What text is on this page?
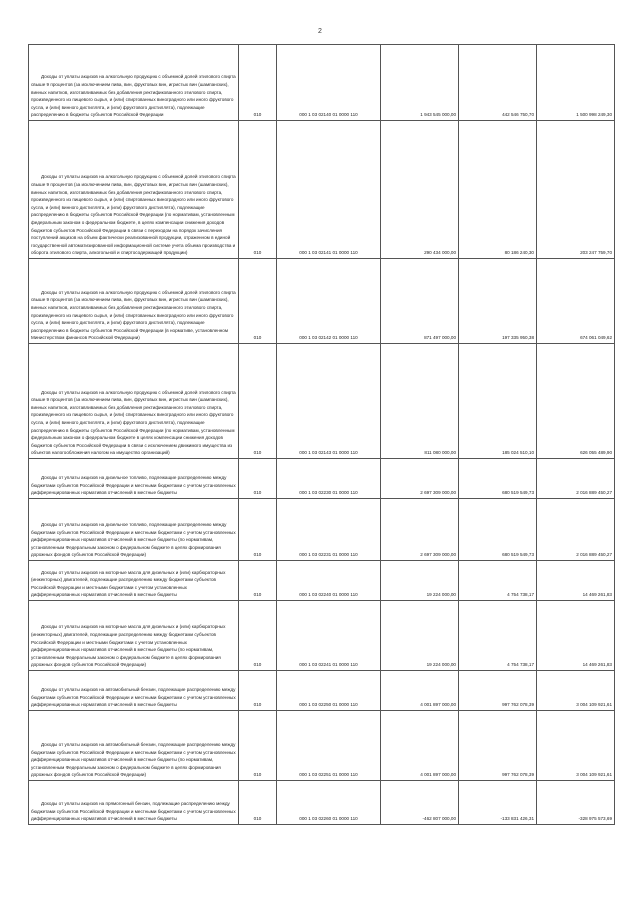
2
Доходы от уплаты акцизов на алкогольную продукцию с объемной долей этилового спирта свыше 9 процентов (за исключением пива, вин, фруктовых вин, игристых вин (шампанских), винных напитков, изготавливаемых без добавления ректификованного этилового спирта, произведенного из пищевого сырья, и (или) спиртованных виноградного или иного фруктового сусла, и (или) винного дистиллята, и (или) фруктового дистиллята), подлежащие распределению в бюджеты субъектов Российской Федерации	010	000 1 03 02140 01 0000 110	1 943 545 000,00	442 546 750,70	1 500 998 249,30

Доходы от уплаты акцизов на алкогольную продукцию с объемной долей этилового спирта свыше 9 процентов (за исключением пива, вин, фруктовых вин, игристых вин (шампанских), винных напитков, изготавливаемых без добавления ректификованного этилового спирта, произведенного из пищевого сырья, и (или) спиртованных виноградного или иного фруктового сусла, и (или) винного дистиллята, и (или) фруктового дистиллята), подлежащие распределению в бюджеты субъектов Российской Федерации (по нормативам, установленным федеральным законом о федеральном бюджете, в целях компенсации снижения доходов бюджетов субъектов Российской Федерации в связи с переходом на порядок зачисления поступлений акцизов на объем фактически реализованной продукции, отраженном в единой государственной автоматизированной информационной системе учета объема производства и оборота этилового спирта, алкогольной и спиртосодержащей продукции)	010	000 1 03 02141 01 0000 110	290 434 000,00	80 186 240,30	203 247 759,70

Доходы от уплаты акцизов на алкогольную продукцию с объемной долей этилового спирта свыше 9 процентов (за исключением пива, вин, фруктовых вин, игристых вин (шампанских), винных напитков, изготавливаемых без добавления ректификованного этилового спирта, произведенного из пищевого сырья, и (или) спиртованных виноградного или иного фруктового сусла, и (или) винного дистиллята, и (или) фруктового дистиллята), подлежащие распределению в бюджеты субъектов Российской Федерации (в нормативе, установленном Министерством финансов Российской Федерации)	010	000 1 03 02142 01 0000 110	871 497 000,00	197 335 950,38	674 061 049,62

Доходы от уплаты акцизов на алкогольную продукцию с объемной долей этилового спирта свыше 9 процентов (за исключением пива, вин, фруктовых вин, игристых вин (шампанских), винных напитков, изготавливаемых без добавления ректификованного этилового спирта, произведенного из пищевого сырья, и (или) спиртованных виноградного или иного фруктового сусла, и (или) винного дистиллята, и (или) фруктового дистиллята), подлежащие распределению в бюджеты субъектов Российской Федерации (по нормативам, установленным федеральным законом о федеральном бюджете в целях компенсации снижения доходов бюджетов субъектов Российской Федерации в связи с исключением движимого имущества из объектов налогообложения налогом на имущество организаций)	010	000 1 03 02143 01 0000 110	811 080 000,00	185 024 510,10	626 055 489,90

Доходы от уплаты акцизов на дизельное топливо, подлежащие распределению между бюджетами субъектов Российской Федерации и местными бюджетами с учетом установленных дифференцированных нормативов отчислений в местные бюджеты	010	000 1 03 02230 01 0000 110	2 697 309 000,00	680 519 549,73	2 016 889 450,27

Доходы от уплаты акцизов на дизельное топливо, подлежащие распределению между бюджетами субъектов Российской Федерации и местными бюджетами с учетом установленных дифференцированных нормативов отчислений в местные бюджеты (по нормативам, установленным Федеральным законом о федеральном бюджете в целях формирования дорожных фондов субъектов Российской Федерации)	010	000 1 03 02231 01 0000 110	2 697 309 000,00	680 519 549,73	2 016 889 450,27

Доходы от уплаты акцизов на моторные масла для дизельных и (или) карбюраторных (инжекторных) двигателей, подлежащие распределению между бюджетами субъектов Российской Федерации и местными бюджетами с учетом установленных дифференцированных нормативов отчислений в местные бюджеты	010	000 1 03 02240 01 0000 110	19 224 000,00	4 754 738,17	14 469 261,83

Доходы от уплаты акцизов на моторные масла для дизельных и (или) карбюраторных (инжекторных) двигателей, подлежащие распределению между бюджетами субъектов Российской Федерации и местными бюджетами с учетом установленных дифференцированных нормативов отчислений в местные бюджеты (по нормативам, установленным Федеральным законом о федеральном бюджете в целях формирования дорожных фондов субъектов Российской Федерации)	010	000 1 03 02241 01 0000 110	19 224 000,00	4 754 738,17	14 469 261,83

Доходы от уплаты акцизов на автомобильный бензин, подлежащие распределению между бюджетами субъектов Российской Федерации и местными бюджетами с учетом установленных дифференцированных нормативов отчислений в местные бюджеты	010	000 1 03 02250 01 0000 110	4 001 897 000,00	997 762 078,39	3 004 109 921,61

Доходы от уплаты акцизов на автомобильный бензин, подлежащие распределению между бюджетами субъектов Российской Федерации и местными бюджетами с учетом установленных дифференцированных нормативов отчислений в местные бюджеты (по нормативам, установленным Федеральным законом о федеральном бюджете в целях формирования дорожных фондов субъектов Российской Федерации)	010	000 1 03 02251 01 0000 110	4 001 897 000,00	997 762 078,39	3 004 109 921,61

Доходы от уплаты акцизов на прямогонный бензин, подлежащие распределению между бюджетами субъектов Российской Федерации и местными бюджетами с учетом установленных дифференцированных нормативов отчислений в местные бюджеты	010	000 1 03 02260 01 0000 110	-462 807 000,00	-133 831 426,31	-328 975 573,69
